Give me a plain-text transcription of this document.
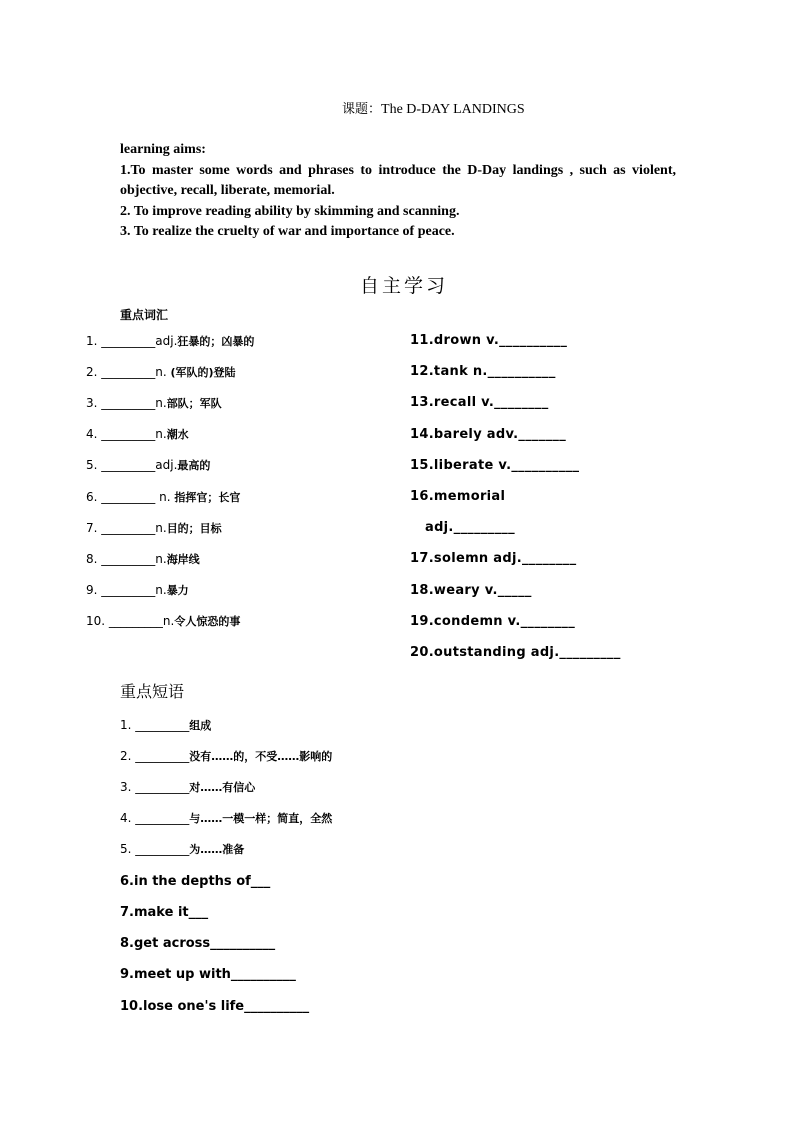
课题：The D-DAY LANDINGS
learning aims:
1.To master some words and phrases to introduce the D-Day landings , such as violent, objective, recall, liberate, memorial.
2. To improve reading ability by skimming and scanning.
3. To realize the cruelty of war and importance of peace.
自主学习
重点词汇
1. _________adj.狂暴的；凶暴的
2. _________n. (军队的)登陆
3. _________n.部队；军队
4. _________n.潮水
5. _________adj.最高的
6. _________ n. 指挥官；长官
7. _________n.目的；目标
8. _________n.海岸线
9. _________n.暴力
10. _________n.令人惊恐的事
11.drown v.__________
12.tank n.__________
13.recall v.________
14.barely adv._______
15.liberate v.__________
16.memorial
adj._________
17.solemn adj.________
18.weary v._____
19.condemn v.________
20.outstanding adj._________
重点短语
1. _________组成
2. _________没有……的，不受……影响的
3. _________对……有信心
4. _________与……一模一样；简直，全然
5. _________为……准备
6.in the depths of___
7.make it___
8.get across__________
9.meet up with__________
10.lose one's life__________
